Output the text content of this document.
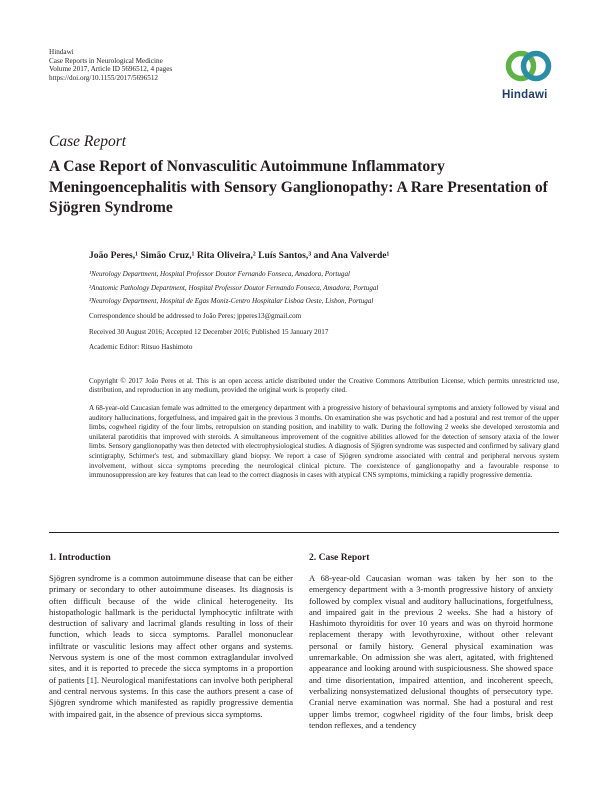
Hindawi
Case Reports in Neurological Medicine
Volume 2017, Article ID 5696512, 4 pages
https://doi.org/10.1155/2017/5696512
Hindawi
Case Report
A Case Report of Nonvasculitic Autoimmune Inflammatory Meningoencephalitis with Sensory Ganglionopathy: A Rare Presentation of Sjögren Syndrome
João Peres,¹ Simão Cruz,¹ Rita Oliveira,² Luís Santos,³ and Ana Valverde¹
¹Neurology Department, Hospital Professor Doutor Fernando Fonseca, Amadora, Portugal
²Anatomic Pathology Department, Hospital Professor Doutor Fernando Fonseca, Amadora, Portugal
³Neurology Department, Hospital de Egas Moniz-Centro Hospitalar Lisboa Oeste, Lisbon, Portugal
Correspondence should be addressed to João Peres; jpperes13@gmail.com
Received 30 August 2016; Accepted 12 December 2016; Published 15 January 2017
Academic Editor: Ritsuo Hashimoto
Copyright © 2017 João Peres et al. This is an open access article distributed under the Creative Commons Attribution License, which permits unrestricted use, distribution, and reproduction in any medium, provided the original work is properly cited.
A 68-year-old Caucasian female was admitted to the emergency department with a progressive history of behavioural symptoms and anxiety followed by visual and auditory hallucinations, forgetfulness, and impaired gait in the previous 3 months. On examination she was psychotic and had a postural and rest tremor of the upper limbs, cogwheel rigidity of the four limbs, retropulsion on standing position, and inability to walk. During the following 2 weeks she developed xerostomia and unilateral parotiditis that improved with steroids. A simultaneous improvement of the cognitive abilities allowed for the detection of sensory ataxia of the lower limbs. Sensory ganglionopathy was then detected with electrophysiological studies. A diagnosis of Sjögren syndrome was suspected and confirmed by salivary gland scintigraphy, Schirmer's test, and submaxillary gland biopsy. We report a case of Sjögren syndrome associated with central and peripheral nervous system involvement, without sicca symptoms preceding the neurological clinical picture. The coexistence of ganglionopathy and a favourable response to immunosuppression are key features that can lead to the correct diagnosis in cases with atypical CNS symptoms, mimicking a rapidly progressive dementia.
1. Introduction

Sjögren syndrome is a common autoimmune disease that can be either primary or secondary to other autoimmune diseases. Its diagnosis is often difficult because of the wide clinical heterogeneity. Its histopathologic hallmark is the periductal lymphocytic infiltrate with destruction of salivary and lacrimal glands resulting in loss of their function, which leads to sicca symptoms. Parallel mononuclear infiltrate or vasculitic lesions may affect other organs and systems. Nervous system is one of the most common extraglandular involved sites, and it is reported to precede the sicca symptoms in a proportion of patients [1]. Neurological manifestations can involve both peripheral and central nervous systems. In this case the authors present a case of Sjögren syndrome which manifested as rapidly progressive dementia with impaired gait, in the absence of previous sicca symptoms.

2. Case Report

A 68-year-old Caucasian woman was taken by her son to the emergency department with a 3-month progressive history of anxiety followed by complex visual and auditory hallucinations, forgetfulness, and impaired gait in the previous 2 weeks. She had a history of Hashimoto thyroiditis for over 10 years and was on thyroid hormone replacement therapy with levothyroxine, without other relevant personal or family history. General physical examination was unremarkable. On admission she was alert, agitated, with frightened appearance and looking around with suspiciousness. She showed space and time disorientation, impaired attention, and incoherent speech, verbalizing nonsystematized delusional thoughts of persecutory type. Cranial nerve examination was normal. She had a postural and rest upper limbs tremor, cogwheel rigidity of the four limbs, brisk deep tendon reflexes, and a tendency
